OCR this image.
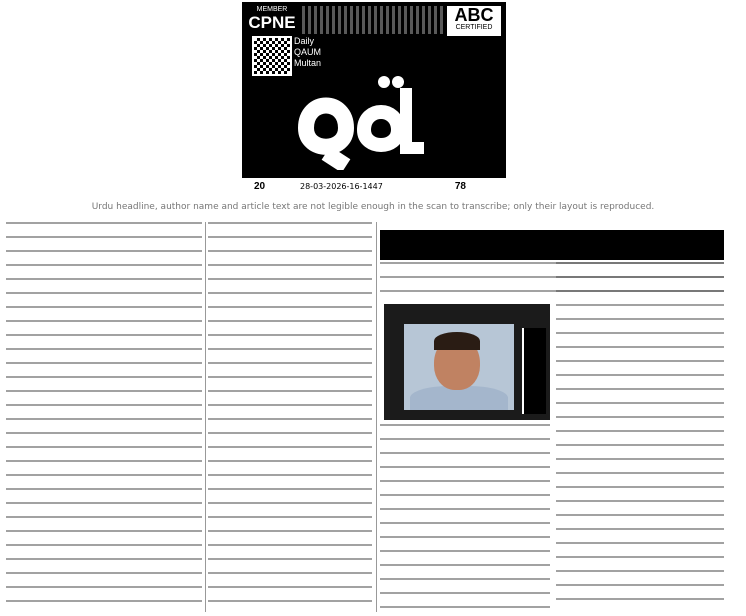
MEMBER
CPNE	ABC
CERTIFIED
Daily
QAUM
Multan
20	28-03-2026-16-1447	78
Urdu headline, author name and article text are not legible enough in the scan to transcribe; only their layout is reproduced.
